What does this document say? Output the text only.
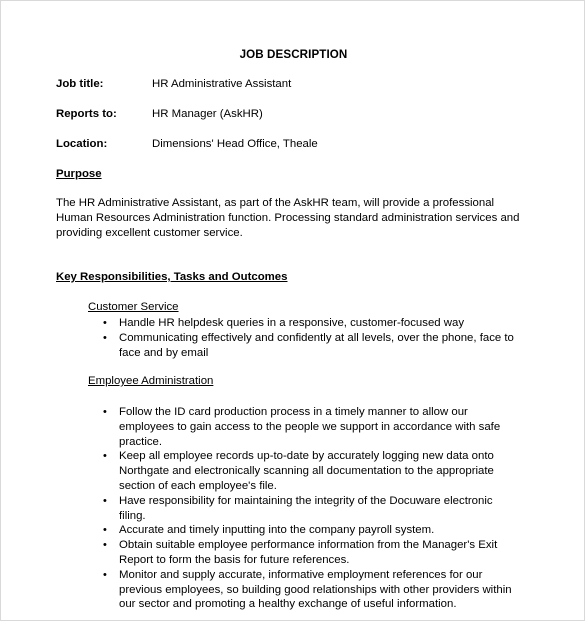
JOB DESCRIPTION
Job title:	HR Administrative Assistant
Reports to:	HR Manager (AskHR)
Location:	Dimensions' Head Office, Theale
Purpose
The HR Administrative Assistant, as part of the AskHR team, will provide a professional Human Resources Administration function. Processing standard administration services and providing excellent customer service.
Key Responsibilities, Tasks and Outcomes
Customer Service
• Handle HR helpdesk queries in a responsive, customer-focused way
• Communicating effectively and confidently at all levels, over the phone, face to face and by email
Employee Administration
• Follow the ID card production process in a timely manner to allow our employees to gain access to the people we support in accordance with safe practice.
• Keep all employee records up-to-date by accurately logging new data onto Northgate and electronically scanning all documentation to the appropriate section of each employee's file.
• Have responsibility for maintaining the integrity of the Docuware electronic filing.
• Accurate and timely inputting into the company payroll system.
• Obtain suitable employee performance information from the Manager's Exit Report to form the basis for future references.
• Monitor and supply accurate, informative employment references for our previous employees, so building good relationships with other providers within our sector and promoting a healthy exchange of useful information.
